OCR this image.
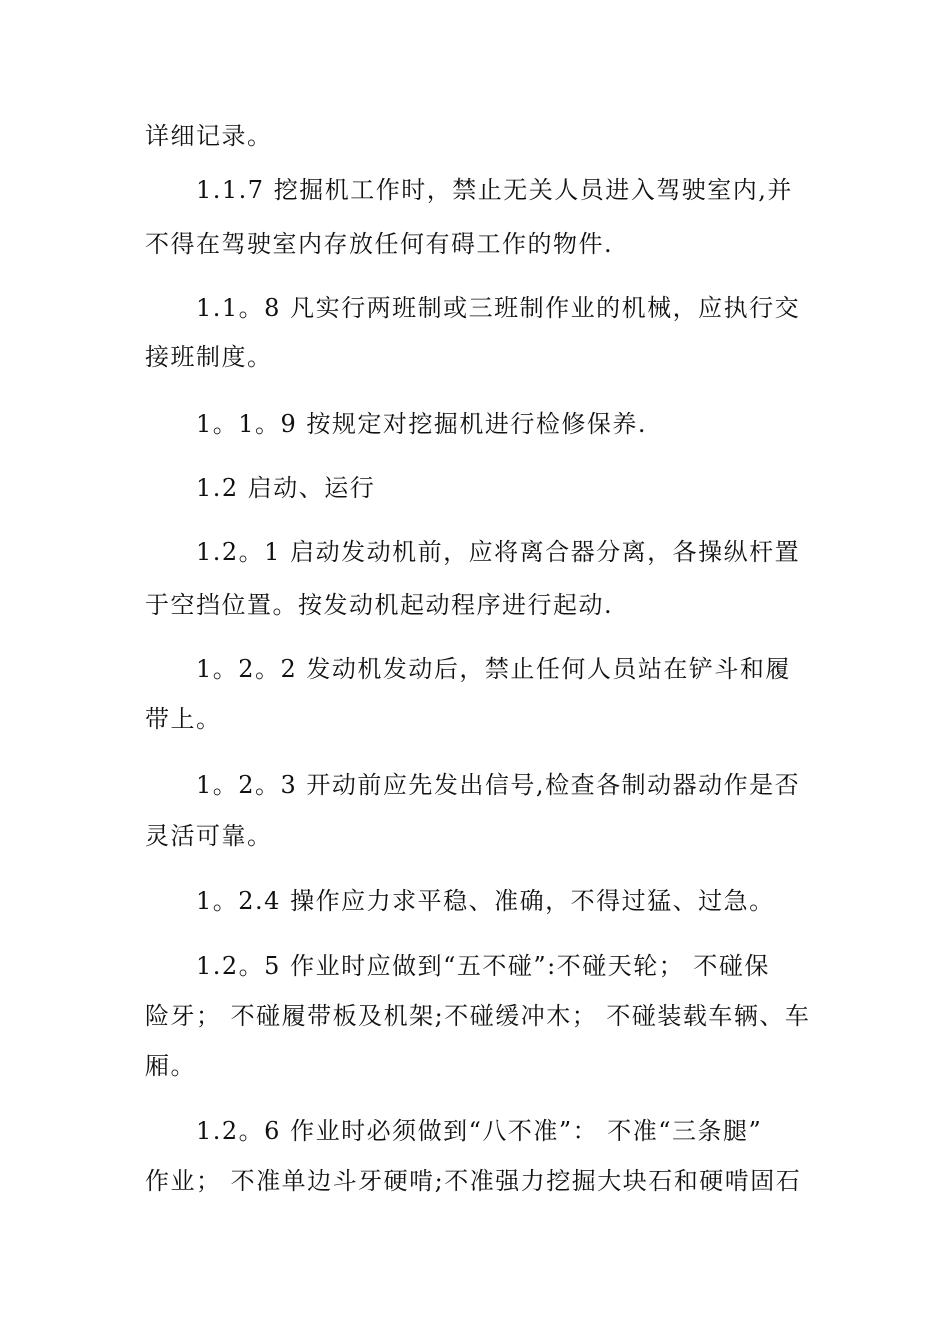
详细记录。
1.1.7 挖掘机工作时，禁止无关人员进入驾驶室内,并
不得在驾驶室内存放任何有碍工作的物件.
1.1。8 凡实行两班制或三班制作业的机械，应执行交
接班制度。
1。1。9 按规定对挖掘机进行检修保养.
1.2 启动、运行
1.2。1 启动发动机前，应将离合器分离，各操纵杆置
于空挡位置。按发动机起动程序进行起动.
1。2。2 发动机发动后，禁止任何人员站在铲斗和履
带上。
1。2。3 开动前应先发出信号,检查各制动器动作是否
灵活可靠。
1。2.4 操作应力求平稳、准确，不得过猛、过急。
1.2。5 作业时应做到“五不碰”:不碰天轮； 不碰保
险牙； 不碰履带板及机架;不碰缓冲木； 不碰装载车辆、车
厢。
1.2。6 作业时必须做到“八不准”： 不准“三条腿”
作业； 不准单边斗牙硬啃;不准强力挖掘大块石和硬啃固石
